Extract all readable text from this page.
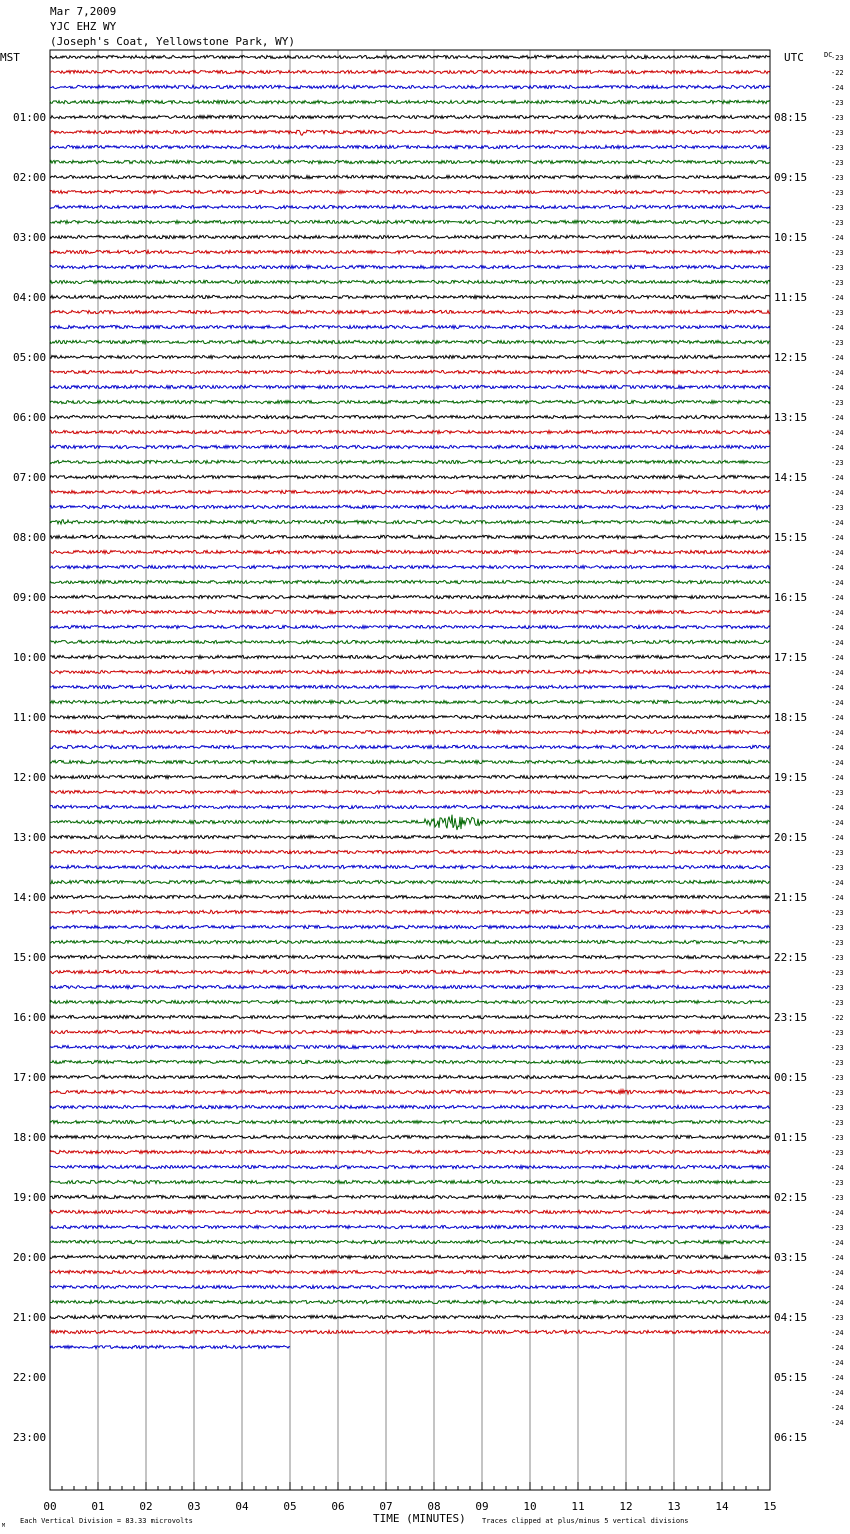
Mar 7,2009
YJC EHZ WY
(Joseph's Coat, Yellowstone Park, WY)
MST	UTC	DC
01:00
02:00
03:00
04:00
05:00
06:00
07:00
08:00
09:00
10:00
11:00
12:00
13:00
14:00
15:00
16:00
17:00
18:00
19:00
20:00
21:00
22:00
23:00
08:15
09:15
10:15
11:15
12:15
13:15
14:15
15:15
16:15
17:15
18:15
19:15
20:15
21:15
22:15
23:15
00:15
01:15
02:15
03:15
04:15
05:15
06:15
-23
-22
-24
-23
-23
-23
-23
-23
-23
-23
-23
-23
-24
-23
-23
-23
-24
-23
-24
-23
-24
-24
-24
-23
-24
-24
-24
-23
-24
-24
-23
-24
-24
-24
-24
-24
-24
-24
-24
-24
-24
-24
-24
-24
-24
-24
-24
-24
-24
-23
-24
-24
-24
-23
-23
-24
-24
-23
-23
-23
-23
-23
-23
-23
-22
-23
-23
-23
-23
-23
-23
-23
-23
-23
-24
-23
-23
-24
-23
-24
-24
-24
-24
-24
-23
-24
-24
-24
-24
-24
-24
-24
00	01	02	03	04	05	06	07	08	09	10	11	12	13	14	15
TIME (MINUTES)
Each Vertical Division = 83.33 microvolts	Traces clipped at plus/minus 5 vertical divisions
M
